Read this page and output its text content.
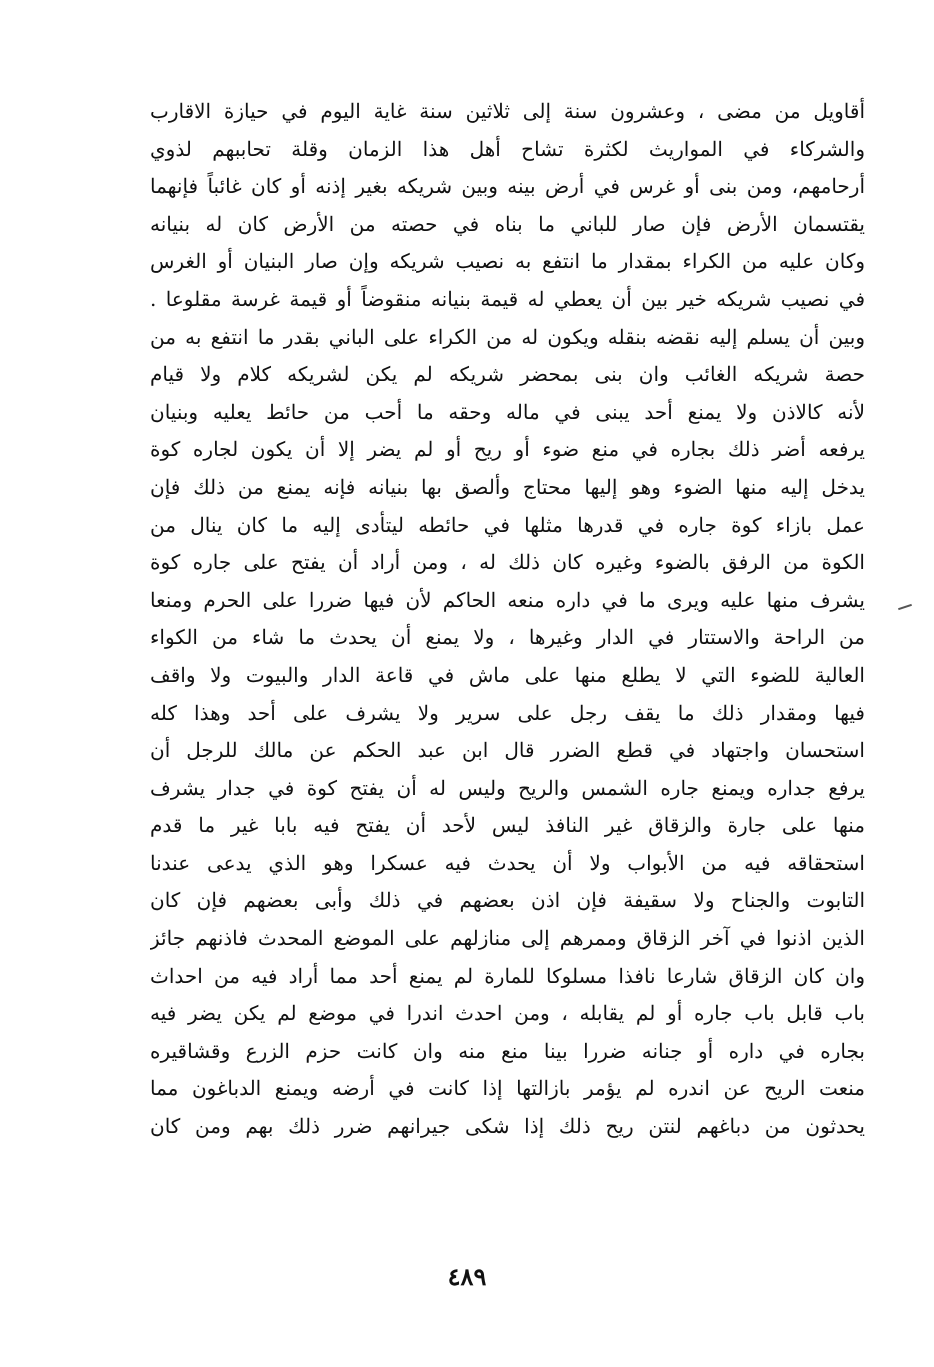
أقاويل من مضى ، وعشرون سنة إلى ثلاثين سنة غاية اليوم في حيازة الاقارب
والشركاء في المواريث لكثرة تشاح أهل هذا الزمان وقلة تحاببهم لذوي
أرحامهم، ومن بنى أو غرس في أرض بينه وبين شريكه بغير إذنه أو كان غائباً فإنهما
يقتسمان الأرض فإن صار للباني ما بناه في حصته من الأرض كان له بنيانه
وكان عليه من الكراء بمقدار ما انتفع به نصيب شريكه وإن صار البنيان أو الغرس
في نصيب شريكه خير بين أن يعطي له قيمة بنيانه منقوضاً أو قيمة غرسة مقلوعا .
وبين أن يسلم إليه نقضه بنقله ويكون له من الكراء على الباني بقدر ما انتفع به من
حصة شريكه الغائب وان بنى بمحضر شريكه لم يكن لشريكه كلام ولا قيام
لأنه كالاذن ولا يمنع أحد يبنى في ماله وحقه ما أحب من حائط يعليه وبنيان
يرفعه أضر ذلك بجاره في منع ضوء أو ريح أو لم يضر إلا أن يكون لجاره كوة
يدخل إليه منها الضوء وهو إليها محتاج وألصق بها بنيانه فإنه يمنع من ذلك فإن
عمل بازاء كوة جاره في قدرها مثلها في حائطه ليتأدى إليه ما كان ينال من
الكوة من الرفق بالضوء وغيره كان ذلك له ، ومن أراد أن يفتح على جاره كوة
يشرف منها عليه ويرى ما في داره منعه الحاكم لأن فيها ضررا على الحرم ومنعا
من الراحة والاستتار في الدار وغيرها ، ولا يمنع أن يحدث ما شاء من الكواء
العالية للضوء التي لا يطلع منها على ماش في قاعة الدار والبيوت ولا واقف
فيها ومقدار ذلك ما يقف رجل على سرير ولا يشرف على أحد وهذا كله
استحسان واجتهاد في قطع الضرر قال ابن عبد الحكم عن مالك للرجل أن
يرفع جداره ويمنع جاره الشمس والريح وليس له أن يفتح كوة في جدار يشرف
منها على جارة والزقاق غير النافذ ليس لأحد أن يفتح فيه بابا غير ما قدم
استحقاقه فيه من الأبواب ولا أن يحدث فيه عسكرا وهو الذي يدعى عندنا
التابوت والجناح ولا سقيفة فإن اذن بعضهم في ذلك وأبى بعضهم فإن كان
الذين اذنوا في آخر الزقاق وممرهم إلى منازلهم على الموضع المحدث فاذنهم جائز
وان كان الزقاق شارعا نافذا مسلوكا للمارة لم يمنع أحد مما أراد فيه من احداث
باب قابل باب جاره أو لم يقابله ، ومن احدث اندرا في موضع لم يكن يضر فيه
بجاره في داره أو جنانه ضررا بينا منع منه وان كانت حزم الزرع وقشاقيره
منعت الريح عن اندره لم يؤمر بازالتها إذا كانت في أرضه ويمنع الدباغون مما
يحدثون من دباغهم لنتن ريح ذلك إذا شكى جيرانهم ضرر ذلك بهم ومن كان
٤٨٩
